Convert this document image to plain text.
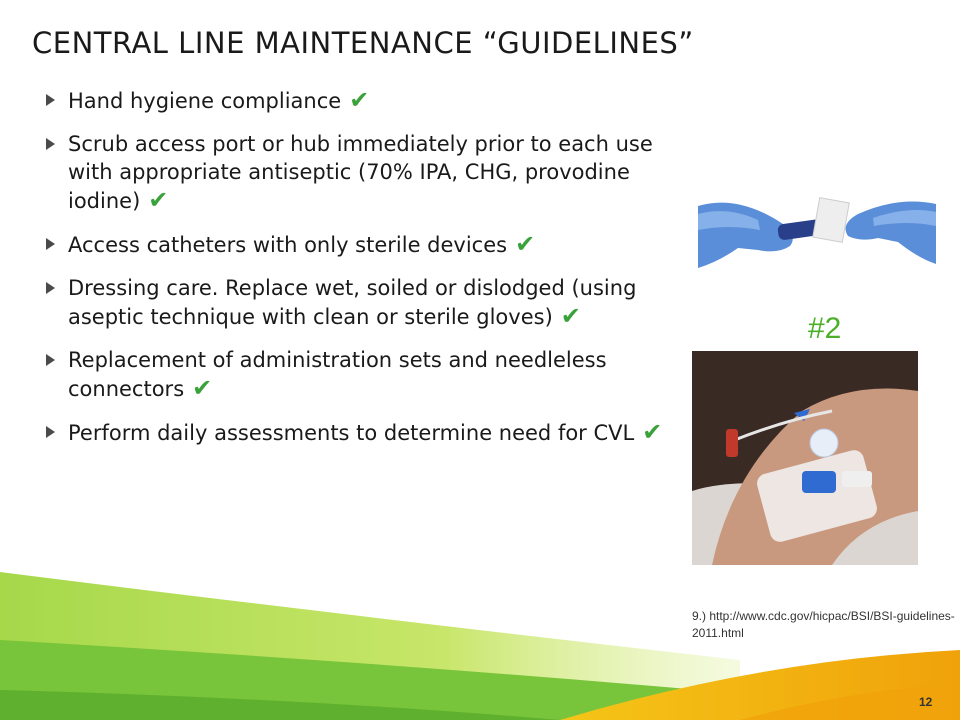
CENTRAL LINE MAINTENANCE “GUIDELINES”
Hand hygiene compliance ✔
Scrub access port or hub immediately prior to each use with appropriate antiseptic (70% IPA, CHG, provodine iodine) ✔
Access catheters with only sterile devices ✔
Dressing care. Replace wet, soiled or dislodged (using aseptic technique with clean or sterile gloves) ✔
Replacement of administration sets and needleless connectors ✔
Perform daily assessments to determine need for CVL ✔
#2
9.) http://www.cdc.gov/hicpac/BSI/BSI-guidelines-2011.html
12
